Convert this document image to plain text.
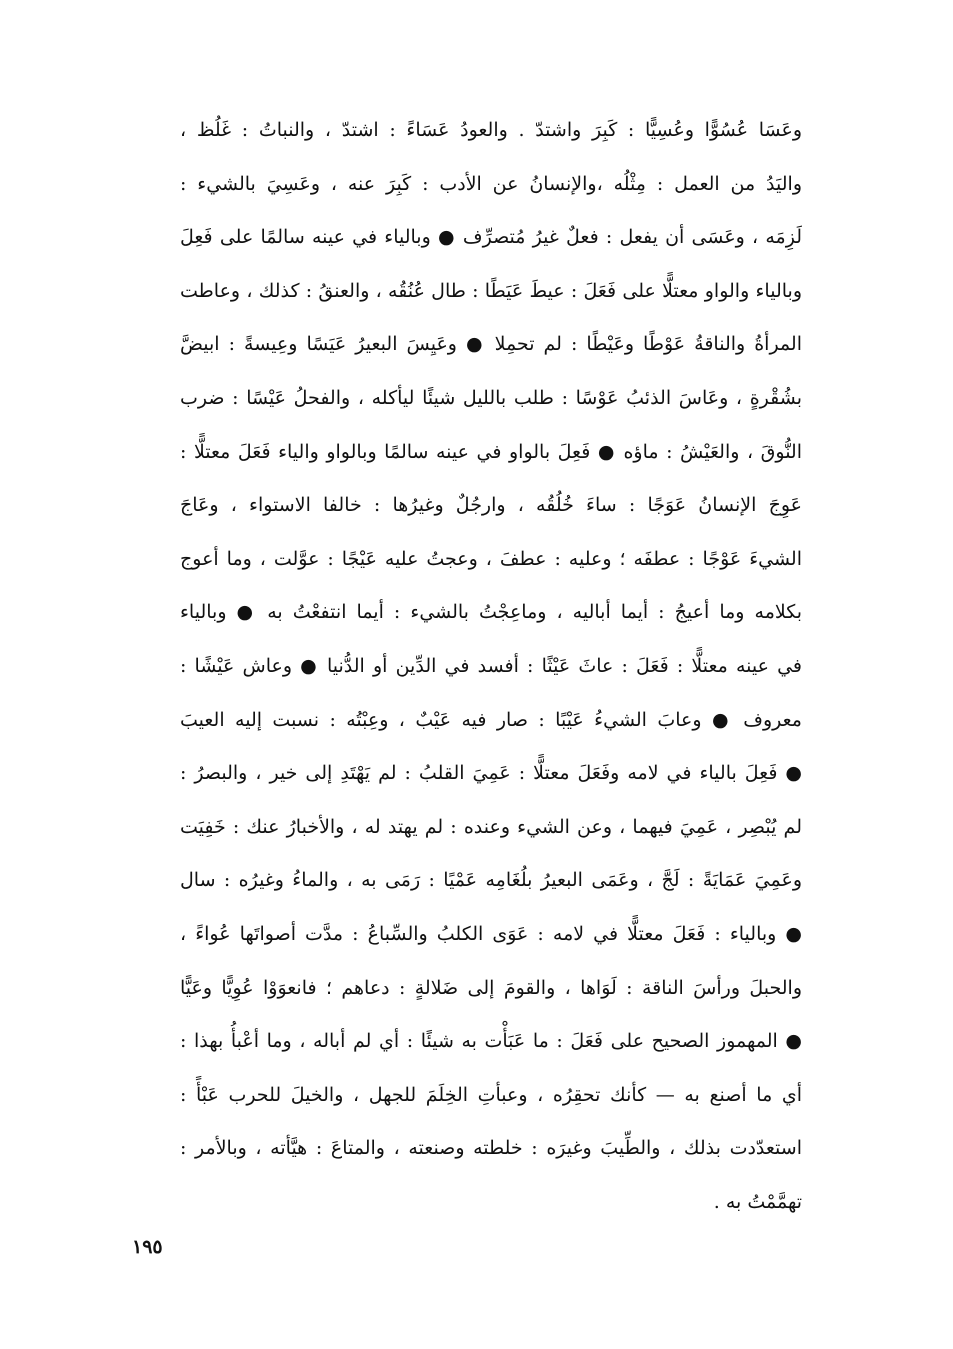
وعَسَا عُسُوًّا وعُسِيًّا : كَبِرَ واشتدّ . والعودُ عَسَاءً : اشتدّ ، والنباتُ : غَلُظ ،
واليَدُ من العمل : مِثْلُه ،والإنسانُ عن الأدب : كَبِرَ عنه ، وعَسِيَ بالشيء :
لَزِمَه ، وعَسَى أن يفعل : فعلٌ غيرُ مُتصرِّف ● وبالياء في عينه سالمًا على فَعِلَ
وبالياء والواو معتلًّا على فَعَلَ : عيطَ عَيَطًا : طال عُنُقُه ، والعنقُ : كذلك ، وعاطت
المرأةُ والناقةُ عَوْطًا وعَيْطًا : لم تحمِلا ● وعَيِسَ البعيرُ عَيَسًا وعِيسةً : ابيضَّ
بشُقْرةٍ ، وعَاسَ الذئبُ عَوْسًا : طلب بالليل شيئًا ليأكله ، والفحلُ عَيْسًا : ضرب
النُّوقَ ، والعَيْشُ : ماؤه ● فَعِلَ بالواو في عينه سالمًا وبالواو والياء فَعَلَ معتلًّا :
عَوِجَ الإنسانُ عَوَجًا : ساءَ خُلُقُه ، وارجُلٌ وغيرُها : خالفا الاستواء ، وعَاجَ
الشيءَ عَوْجًا : عطفَه ؛ وعليه : عطفَ ، وعجتُ عليه عَيْجًا : عوَّلت ، وما أعوج
بكلامه وما أعيجُ : أيما أباليه ، وماعِجْتُ بالشيء : أيما انتفعْتُ به ● وبالياء
في عينه معتلًّا : فَعَلَ : عاثَ عَيْثًا : أفسد في الدِّين أو الدُّنيا ● وعاش عَيْشًا :
معروف ● وعابَ الشيءُ عَيْبًا : صار فيه عَيْبٌ ، وعِبْتُه : نسبت إليه العيبَ
● فَعِلَ بالياء في لامه وفَعَلَ معتلًّا : عَمِيَ القلبُ : لم يَهْتَدِ إلى خير ، والبصرُ :
لم يُبْصِر ، عَمِيَ فيهما ، وعن الشيء وعنده : لم يهتد له ، والأخبارُ عنك : خَفِيَت
وعَمِيَ عَمَايَةً : لَجَّ ، وعَمَى البعيرُ بلُغَامِه عَمْيًا : رَمَى به ، والماءُ وغيرُه : سال
● وبالياء : فَعَلَ معتلًّا في لامه : عَوَى الكلبُ والسِّباعُ : مدَّت أصواتَها عُواءً ،
والحبلَ ورأسَ الناقة : لَوَاها ، والقومَ إلى ضَلالةٍ : دعاهم ؛ فانعوَوْا عُوِيًّا وعَيًّا
● المهموز الصحيح على فَعَلَ : ما عَبَأْت به شيئًا : أي لم أباله ، وما أعْبأُ بهذا :
أي ما أصنع به — كأنك تحقِرُه ، وعبأتِ الخِلَمَ للجهل ، والخيلَ للحرب عَبْأً :
استعدّدت بذلك ، والطِّيبَ وغيرَه : خلطته وصنعته ، والمتاعَ : هيَّأته ، وبالأمر :
تهمَّمْتُ به .
١٩٥
